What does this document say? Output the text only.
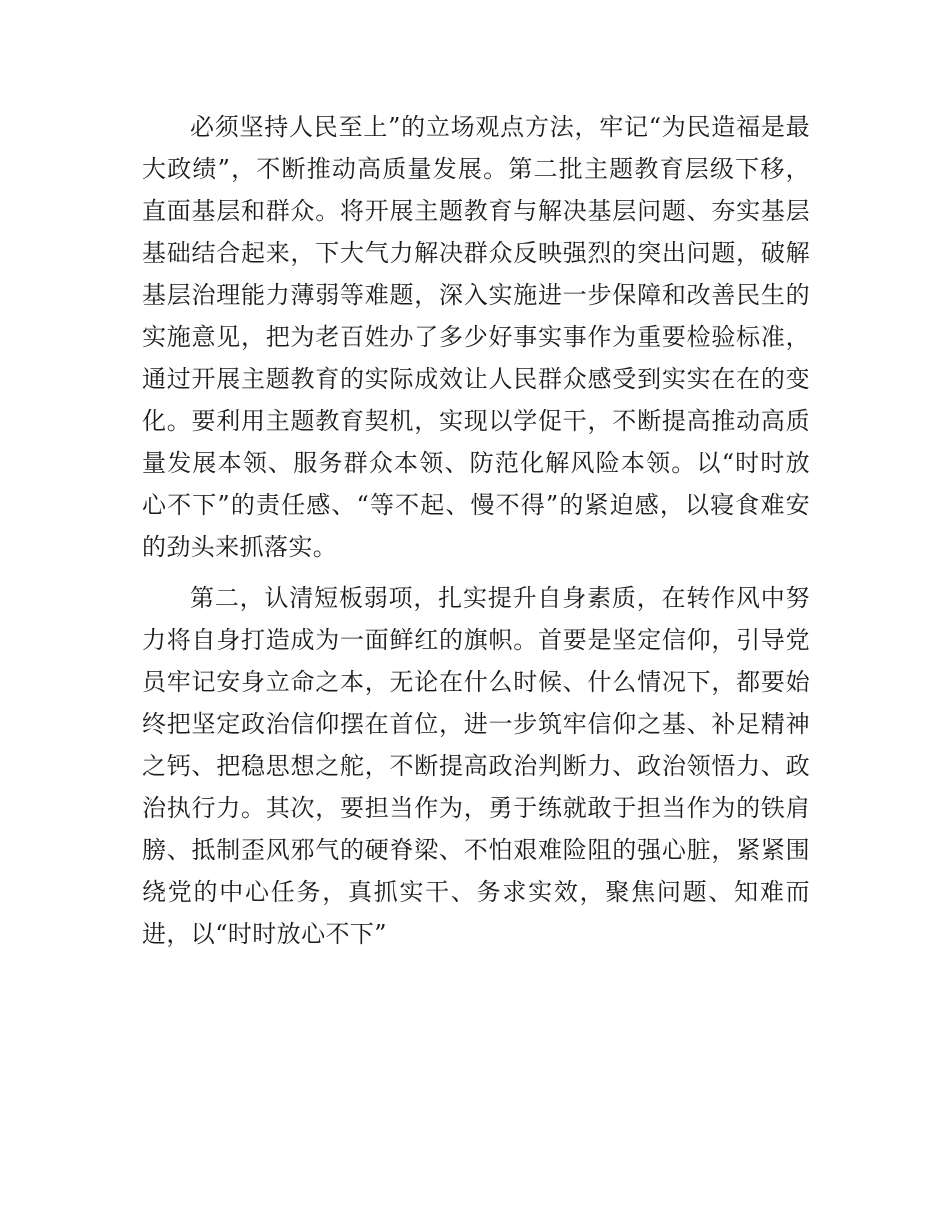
必须坚持人民至上”的立场观点方法，牢记“为民造福是最大政绩”，不断推动高质量发展。第二批主题教育层级下移，直面基层和群众。将开展主题教育与解决基层问题、夯实基层基础结合起来，下大气力解决群众反映强烈的突出问题，破解基层治理能力薄弱等难题，深入实施进一步保障和改善民生的实施意见，把为老百姓办了多少好事实事作为重要检验标准，通过开展主题教育的实际成效让人民群众感受到实实在在的变化。要利用主题教育契机，实现以学促干，不断提高推动高质量发展本领、服务群众本领、防范化解风险本领。以“时时放心不下”的责任感、“等不起、慢不得”的紧迫感，以寝食难安的劲头来抓落实。

第二，认清短板弱项，扎实提升自身素质，在转作风中努力将自身打造成为一面鲜红的旗帜。首要是坚定信仰，引导党员牢记安身立命之本，无论在什么时候、什么情况下，都要始终把坚定政治信仰摆在首位，进一步筑牢信仰之基、补足精神之钙、把稳思想之舵，不断提高政治判断力、政治领悟力、政治执行力。其次，要担当作为，勇于练就敢于担当作为的铁肩膀、抵制歪风邪气的硬脊梁、不怕艰难险阻的强心脏，紧紧围绕党的中心任务，真抓实干、务求实效，聚焦问题、知难而进，以“时时放心不下”
